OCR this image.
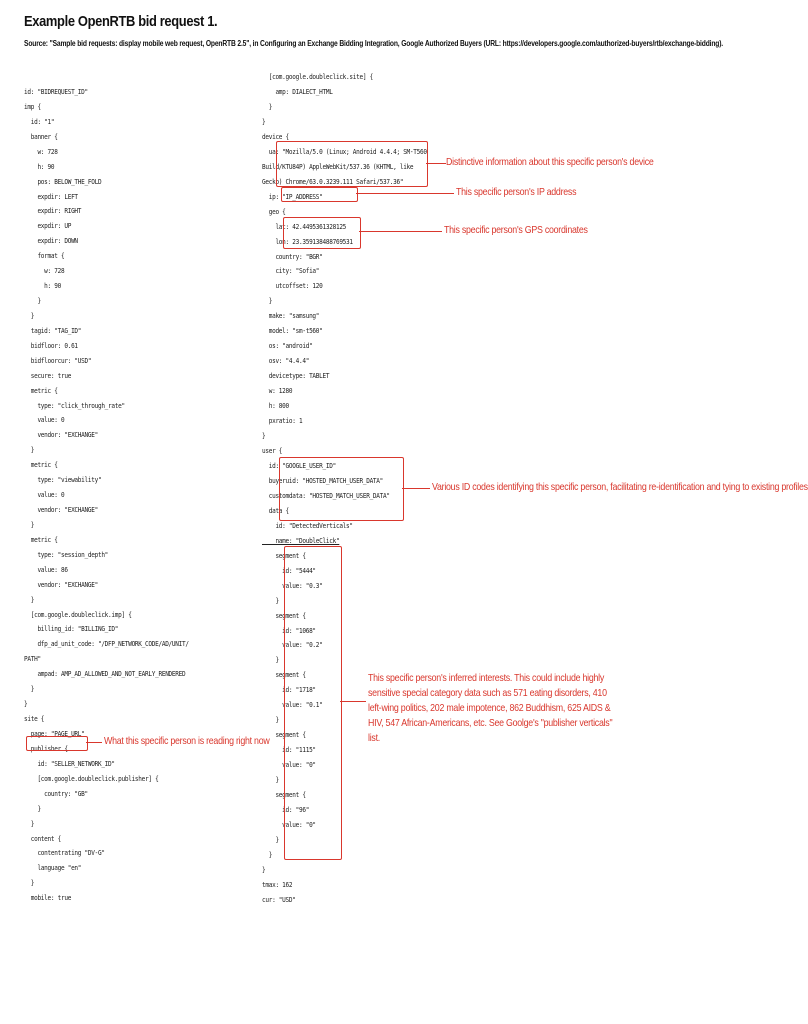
Example OpenRTB bid request 1.

Source: "Sample bid requests: display mobile web request, OpenRTB 2.5", in Configuring an Exchange Bidding Integration, Google Authorized Buyers (URL: https://developers.google.com/authorized-buyers/rtb/exchange-bidding).

id: "BIDREQUEST_ID"
imp {
id: "1"
banner {
w: 728
h: 90
pos: BELOW_THE_FOLD
expdir: LEFT
expdir: RIGHT
expdir: UP
expdir: DOWN
format {
w: 728
h: 90
}
}
tagid: "TAG_ID"
bidfloor: 0.61
bidfloorcur: "USD"
secure: true
metric {
type: "click_through_rate"
value: 0
vendor: "EXCHANGE"
}
metric {
type: "viewability"
value: 0
vendor: "EXCHANGE"
}
metric {
type: "session_depth"
value: 86
vendor: "EXCHANGE"
}
[com.google.doubleclick.imp] {
billing_id: "BILLING_ID"
dfp_ad_unit_code: "/DFP_NETWORK_CODE/AD/UNIT/
PATH"
ampad: AMP_AD_ALLOWED_AND_NOT_EARLY_RENDERED
}
}
site {
page: "PAGE_URL"
publisher {
id: "SELLER_NETWORK_ID"
[com.google.doubleclick.publisher] {
country: "GB"
}
}
content {
contentrating "DV-G"
language "en"
}
mobile: true
[com.google.doubleclick.site] {
amp: DIALECT_HTML
}
}
device {
ua: "Mozilla/5.0 (Linux; Android 4.4.4; SM-T560
Build/KTU84P) AppleWebKit/537.36 (KHTML, like
Gecko) Chrome/63.0.3239.111 Safari/537.36"
ip: "IP_ADDRESS"
geo {
lat: 42.4495361328125
lon: 23.359138488769531
country: "BGR"
city: "Sofia"
utcoffset: 120
}
make: "samsung"
model: "sm-t560"
os: "android"
osv: "4.4.4"
devicetype: TABLET
w: 1280
h: 800
pxratio: 1
}
user {
id: "GOOGLE_USER_ID"
buyeruid: "HOSTED_MATCH_USER_DATA"
customdata: "HOSTED_MATCH_USER_DATA"
data {
id: "DetectedVerticals"
name: "DoubleClick"
segment {
id: "5444"
value: "0.3"
}
segment {
id: "1068"
value: "0.2"
}
segment {
id: "1718"
value: "0.1"
}
segment {
id: "1115"
value: "0"
}
segment {
id: "96"
value: "0"
}
}
}
tmax: 162
cur: "USD"
Distinctive information about this specific person's device
This specific person's IP address
This specific person's GPS coordinates
Various ID codes identifying this specific person, facilitating re-identification and tying to existing profiles
This specific person's inferred interests. This could include highly sensitive special category data such as 571 eating disorders, 410 left-wing politics, 202 male impotence, 862 Buddhism, 625 AIDS & HIV, 547 African-Americans, etc. See Goolge's "publisher verticals" list.
What this specific person is reading right now
